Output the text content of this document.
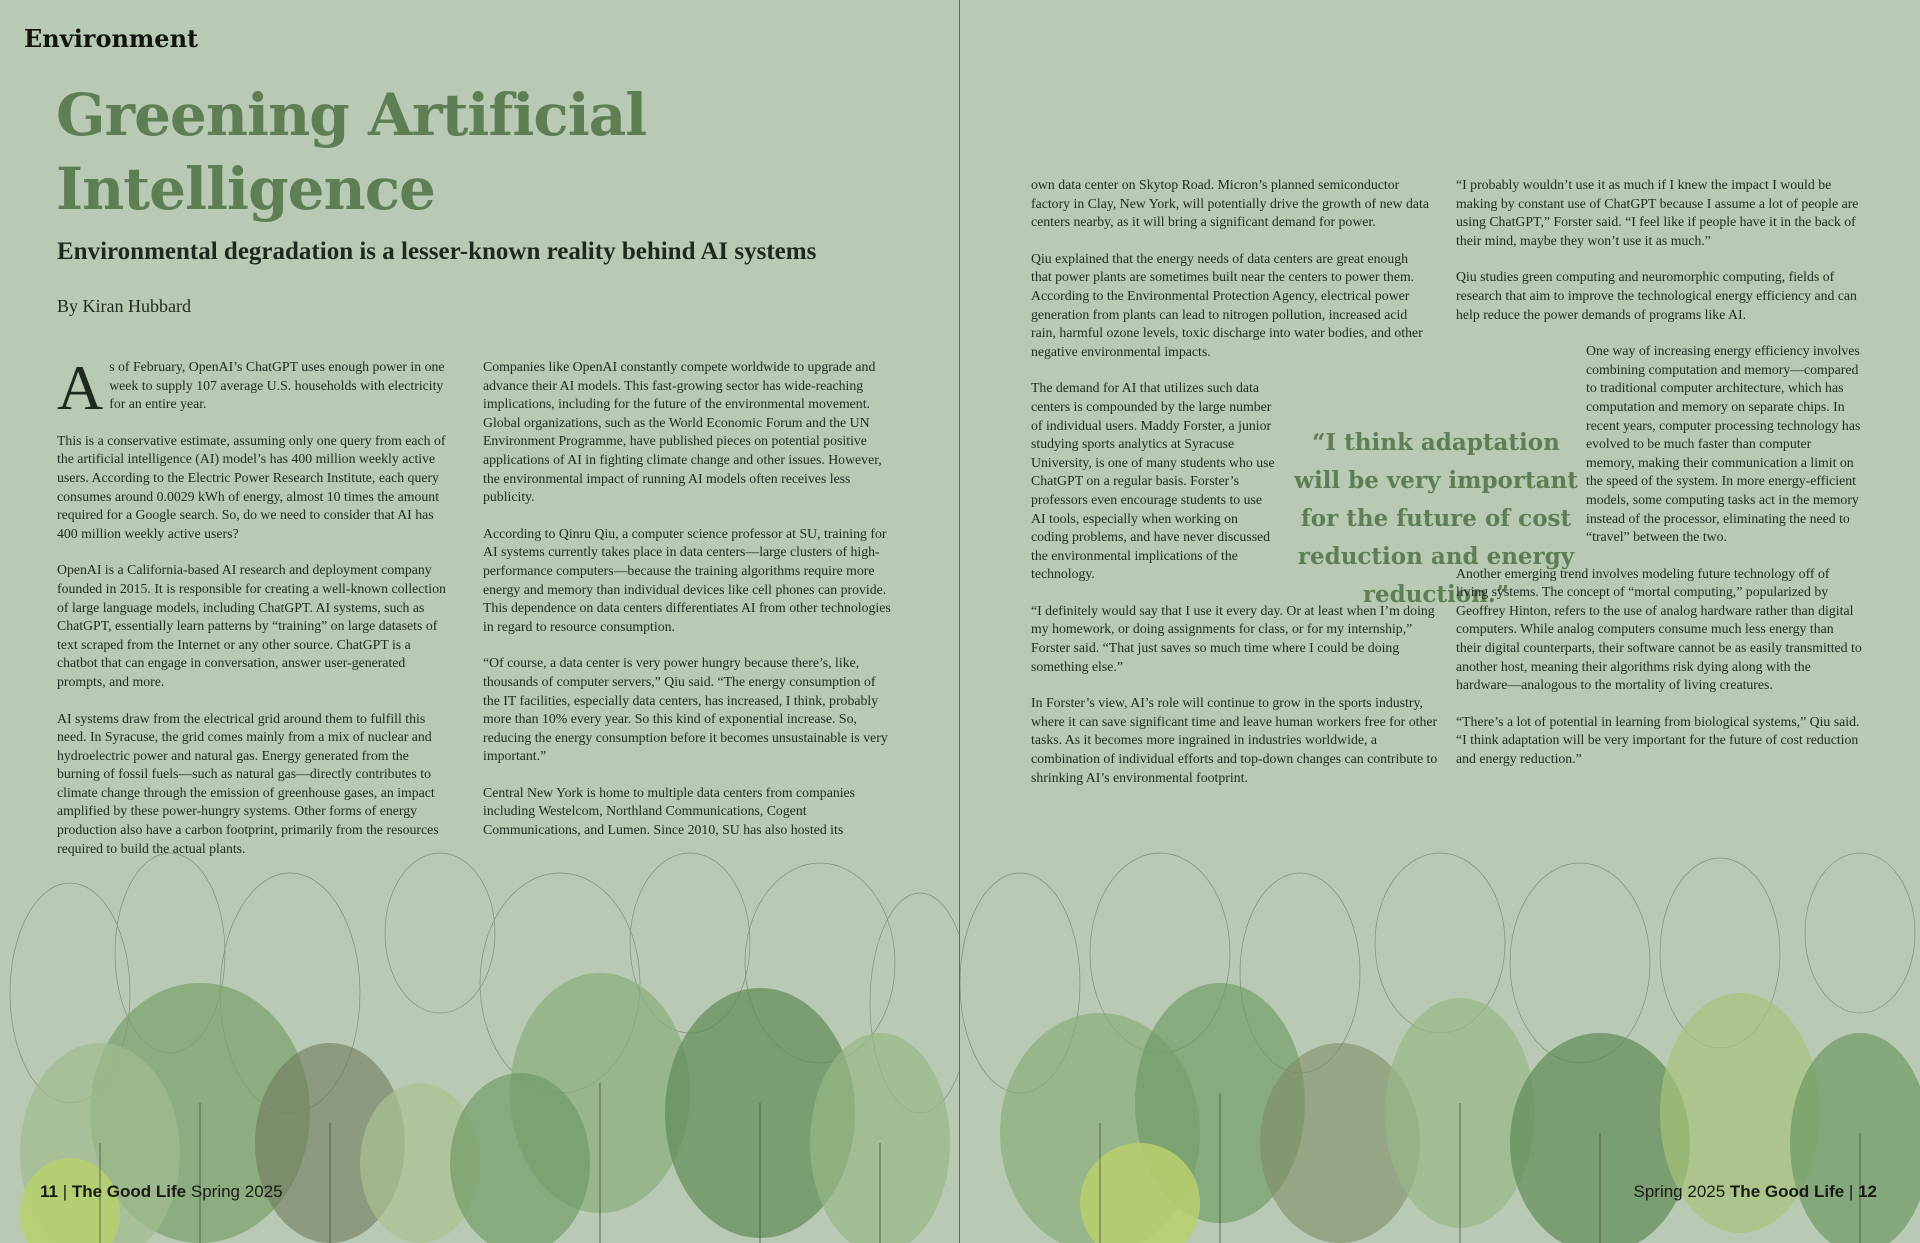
Environment
Greening Artificial Intelligence
Environmental degradation is a lesser-known reality behind AI systems
By Kiran Hubbard

As of February, OpenAI’s ChatGPT uses enough power in one week to supply 107 average U.S. households with electricity for an entire year.

This is a conservative estimate, assuming only one query from each of the artificial intelligence (AI) model’s has 400 million weekly active users. According to the Electric Power Research Institute, each query consumes around 0.0029 kWh of energy, almost 10 times the amount required for a Google search. So, do we need to consider that AI has 400 million weekly active users?

OpenAI is a California-based AI research and deployment company founded in 2015. It is responsible for creating a well-known collection of large language models, including ChatGPT. AI systems, such as ChatGPT, essentially learn patterns by “training” on large datasets of text scraped from the Internet or any other source. ChatGPT is a chatbot that can engage in conversation, answer user-generated prompts, and more.

AI systems draw from the electrical grid around them to fulfill this need. In Syracuse, the grid comes mainly from a mix of nuclear and hydroelectric power and natural gas. Energy generated from the burning of fossil fuels—such as natural gas—directly contributes to climate change through the emission of greenhouse gases, an impact amplified by these power-hungry systems. Other forms of energy production also have a carbon footprint, primarily from the resources required to build the actual plants.

Companies like OpenAI constantly compete worldwide to upgrade and advance their AI models. This fast-growing sector has wide-reaching implications, including for the future of the environmental movement. Global organizations, such as the World Economic Forum and the UN Environment Programme, have published pieces on potential positive applications of AI in fighting climate change and other issues. However, the environmental impact of running AI models often receives less publicity.

According to Qinru Qiu, a computer science professor at SU, training for AI systems currently takes place in data centers—large clusters of high-performance computers—because the training algorithms require more energy and memory than individual devices like cell phones can provide. This dependence on data centers differentiates AI from other technologies in regard to resource consumption.

“Of course, a data center is very power hungry because there’s, like, thousands of computer servers,” Qiu said. “The energy consumption of the IT facilities, especially data centers, has increased, I think, probably more than 10% every year. So this kind of exponential increase. So, reducing the energy consumption before it becomes unsustainable is very important.”

Central New York is home to multiple data centers from companies including Westelcom, Northland Communications, Cogent Communications, and Lumen. Since 2010, SU has also hosted its

11 | The Good Life Spring 2025

own data center on Skytop Road. Micron’s planned semiconductor factory in Clay, New York, will potentially drive the growth of new data centers nearby, as it will bring a significant demand for power.

Qiu explained that the energy needs of data centers are great enough that power plants are sometimes built near the centers to power them. According to the Environmental Protection Agency, electrical power generation from plants can lead to nitrogen pollution, increased acid rain, harmful ozone levels, toxic discharge into water bodies, and other negative environmental impacts.

The demand for AI that utilizes such data centers is compounded by the large number of individual users. Maddy Forster, a junior studying sports analytics at Syracuse University, is one of many students who use ChatGPT on a regular basis. Forster’s professors even encourage students to use AI tools, especially when working on coding problems, and have never discussed the environmental implications of the technology.

“I definitely would say that I use it every day. Or at least when I’m doing my homework, or doing assignments for class, or for my internship,” Forster said. “That just saves so much time where I could be doing something else.”

In Forster’s view, AI’s role will continue to grow in the sports industry, where it can save significant time and leave human workers free for other tasks. As it becomes more ingrained in industries worldwide, a combination of individual efforts and top-down changes can contribute to shrinking AI’s environmental footprint.

“I think adaptation will be very important for the future of cost reduction and energy reduction.”

“I probably wouldn’t use it as much if I knew the impact I would be making by constant use of ChatGPT because I assume a lot of people are using ChatGPT,” Forster said. “I feel like if people have it in the back of their mind, maybe they won’t use it as much.”

Qiu studies green computing and neuromorphic computing, fields of research that aim to improve the technological energy efficiency and can help reduce the power demands of programs like AI.

One way of increasing energy efficiency involves combining computation and memory—compared to traditional computer architecture, which has computation and memory on separate chips. In recent years, computer processing technology has evolved to be much faster than computer memory, making their communication a limit on the speed of the system. In more energy-efficient models, some computing tasks act in the memory instead of the processor, eliminating the need to “travel” between the two.

Another emerging trend involves modeling future technology off of living systems. The concept of “mortal computing,” popularized by Geoffrey Hinton, refers to the use of analog hardware rather than digital computers. While analog computers consume much less energy than their digital counterparts, their software cannot be as easily transmitted to another host, meaning their algorithms risk dying along with the hardware—analogous to the mortality of living creatures.

“There’s a lot of potential in learning from biological systems,” Qiu said. “I think adaptation will be very important for the future of cost reduction and energy reduction.”

Spring 2025 The Good Life | 12
